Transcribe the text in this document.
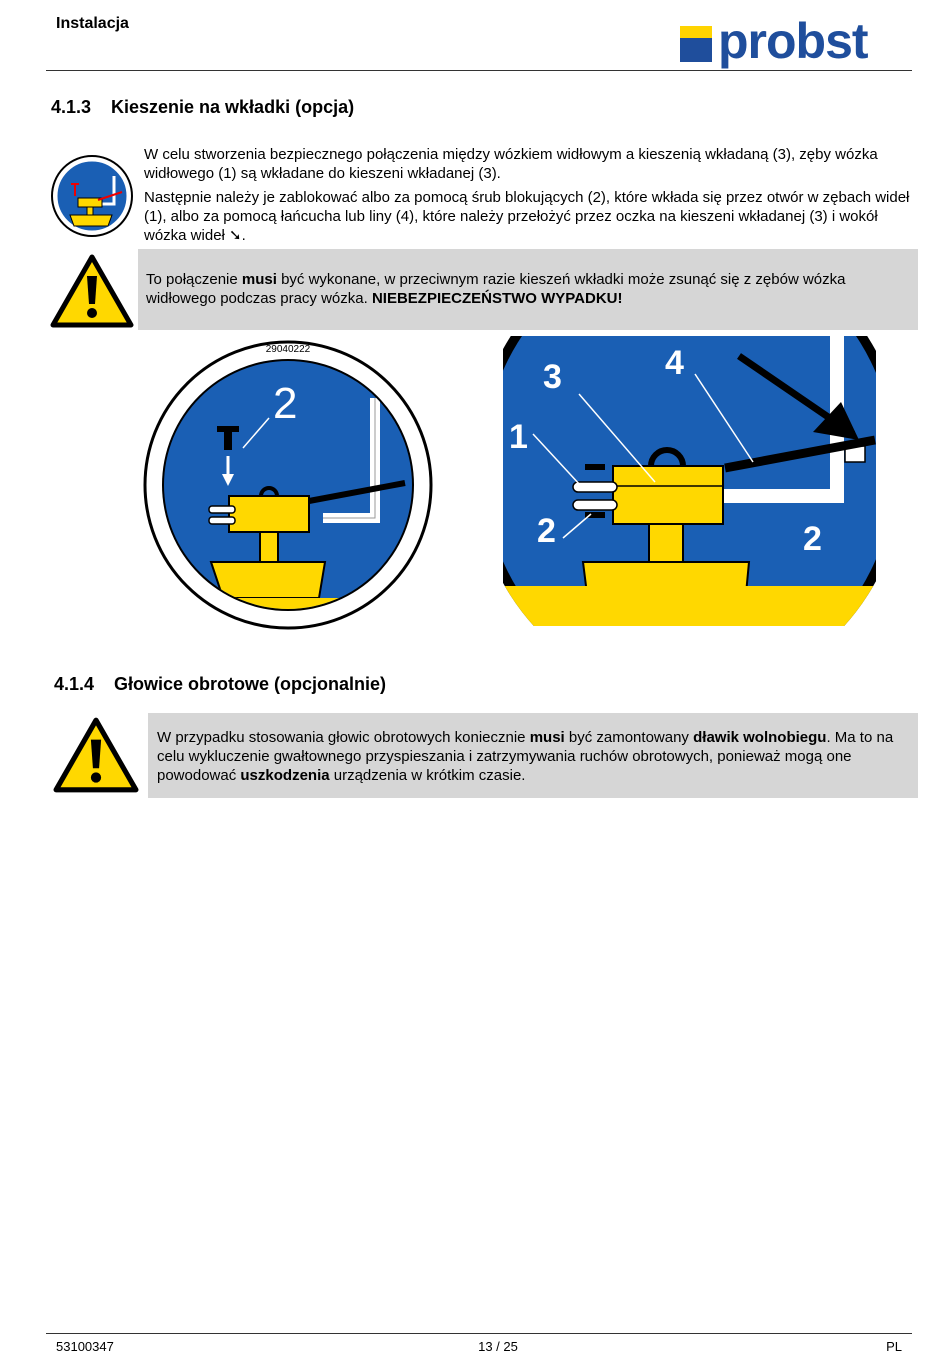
Instalacja	probst
4.1.3 Kieszenie na wkładki (opcja)
W celu stworzenia bezpiecznego połączenia między wózkiem widłowym a kieszenią wkładaną (3), zęby wózka widłowego (1) są wkładane do kieszeni wkładanej (3).
Następnie należy je zablokować albo za pomocą śrub blokujących (2), które wkłada się przez otwór w zębach wideł (1), albo za pomocą łańcucha lub liny (4), które należy przełożyć przez oczka na kieszeni wkładanej (3) i wokół wózka wideł ➘.
To połączenie musi być wykonane, w przeciwnym razie kieszeń wkładki może zsunąć się z zębów wózka widłowego podczas pracy wózka. NIEBEZPIECZEŃSTWO WYPADKU!
29040222
2
3	4
1
2	2
4.1.4 Głowice obrotowe (opcjonalnie)
W przypadku stosowania głowic obrotowych koniecznie musi być zamontowany dławik wolnobiegu. Ma to na celu wykluczenie gwałtownego przyspieszania i zatrzymywania ruchów obrotowych, ponieważ mogą one powodować uszkodzenia urządzenia w krótkim czasie.
53100347	13 / 25	PL
